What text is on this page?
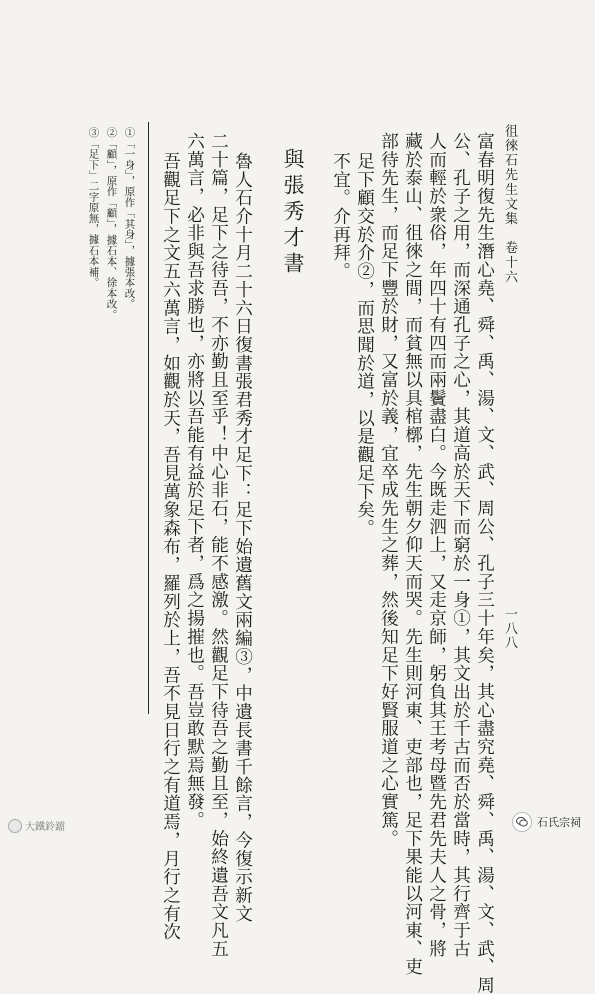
徂徠石先生文集　卷十六
一八八
富春明復先生潛心堯、舜、禹、湯、文、武、周公、孔子三十年矣，其心盡究堯、舜、禹、湯、文、武、周
公、孔子之用，而深通孔子之心，其道高於天下而窮於一身①，其文出於千古而否於當時，其行齊于古
人而輕於衆俗，年四十有四而兩鬢盡白。今既走泗上，又走京師，躬負其王考母暨先君先夫人之骨，將
藏於泰山、徂徠之間，而貧無以具棺槨，先生朝夕仰天而哭。先生則河東、吏部也，足下果能以河東、吏
部待先生，而足下豐於財，又富於義，宜卒成先生之葬，然後知足下好賢服道之心實篤。
足下顧交於介②，而思聞於道，以是觀足下矣。
不宜。介再拜。
與張秀才書
魯人石介十月二十六日復書張君秀才足下：足下始遺舊文兩編③，中遺長書千餘言，今復示新文
二十篇，足下之待吾，不亦勤且至乎！中心非石，能不感激。然觀足下待吾之勤且至，始終遺吾文凡五
六萬言，必非與吾求勝也，亦將以吾能有益於足下者，爲之揚摧也。吾豈敢默焉無發。
吾觀足下之文五六萬言，如觀於天，吾見萬象森布，羅列於上，吾不見日行之有道焉，月行之有次
①「一身」，原作「其身」，據張本改。
②「顧」，原作「顧」，據石本、徐本改。
③「足下」二字原無，據石本補。
大鐵鈴鐺	石氏宗祠
